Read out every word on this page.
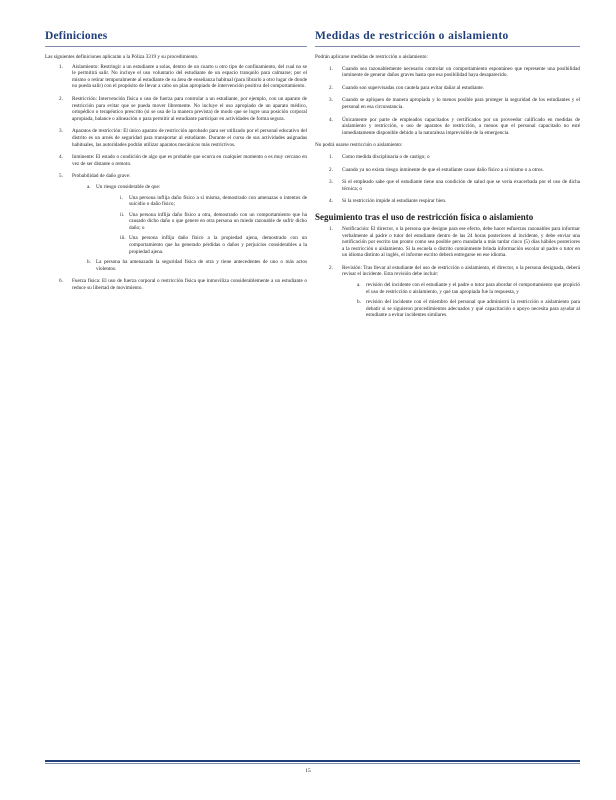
Definiciones

Las siguientes definiciones aplicarán a la Póliza 3319 y su procedimiento.

1. Aislamiento: Restringir a un estudiante a solas, dentro de un cuarto u otro tipo de confinamiento, del cual no se le permitirá salir. No incluye el uso voluntario del estudiante de un espacio tranquilo para calmarse; por el mismo o retirar temporalmente al estudiante de su área de enseñanza habitual (para librarlo a otro lugar de donde no pueda salir) con el propósito de llevar a cabo un plan apropiado de intervención positiva del comportamiento.
2. Restricción: Intervención física o uso de fuerza para controlar a un estudiante, por ejemplo, con un aparato de restricción para evitar que se pueda mover libremente. No incluye el uso apropiado de un aparato médico, ortopédico o terapéutico prescrito (si se usa de la manera prevista) de modo que se logre una posición corporal apropiada, balance o alineación o para permitir al estudiante participar en actividades de forma segura.
3. Aparatos de restricción: El único aparato de restricción aprobado para ser utilizado por el personal educativo del distrito es un arnés de seguridad para transportar al estudiante. Durante el curso de sus actividades asignadas habituales, las autoridades podrán utilizar aparatos mecánicos más restrictivos.
4. Inminente: El estado o condición de algo que es probable que ocurra en cualquier momento o es muy cercano en vez de ser distante o remoto.
5. Probabilidad de daño grave:
a. Un riesgo considerable de que:
i. Una persona inflija daño físico a sí misma, demostrado con amenazas o intentos de suicidio o daño físico;
ii. Una persona inflija daño físico a otra, demostrado con un comportamiento que ha causado dicho daño o que genere en otra persona un miedo razonable de sufrir dicho daño; o
iii. Una persona inflija daño físico a la propiedad ajena, demostrado con un comportamiento que ha generado pérdidas o daños y perjuicios considerables a la propiedad ajena.
b. La persona ha amenazado la seguridad física de otra y tiene antecedentes de uno o más actos violentos.
6. Fuerza física: El uso de fuerza corporal o restricción física que inmoviliza considerablemente a un estudiante o reduce su libertad de movimiento.
Medidas de restricción o aislamiento
Podrán aplicarse medidas de restricción o aislamiento:
1. Cuando sea razonablemente necesario controlar un comportamiento espontáneo que represente una posibilidad inminente de generar daños graves hasta que esa posibilidad haya desaparecido.
2. Cuando son supervisadas con cautela para evitar dañar al estudiante.
3. Cuando se apliquen de manera apropiada y lo menos posible para proteger la seguridad de los estudiantes y el personal en esa circunstancia.
4. Únicamente por parte de empleados capacitados y certificados por un proveedor calificado en medidas de aislamiento y restricción, o uso de aparatos de restricción, a menos que el personal capacitado no esté inmediatamente disponible debido a la naturaleza imprevisible de la emergencia.
No podrá usarse restricción o aislamiento:
1. Como medida disciplinaria o de castigo; o
2. Cuando ya no exista riesgo inminente de que el estudiante cause daño físico a sí mismo o a otros.
3. Si el empleado sabe que el estudiante tiene una condición de salud que se vería exacerbada por el uso de dicha técnica; o
4. Si la restricción impide al estudiante respirar bien.
Seguimiento tras el uso de restricción física o aislamiento
1. Notificación: El director, o la persona que designe para ese efecto, debe hacer esfuerzos razonables para informar verbalmente al padre o tutor del estudiante dentro de las 24 horas posteriores al incidente, y debe enviar una notificación por escrito tan pronto como sea posible pero mandarla a más tardar cinco (5) días hábiles posteriores a la restricción o aislamiento. Si la escuela o distrito comúnmente brinda información escolar al padre o tutor en un idioma distinto al inglés, el informe escrito deberá entregarse en ese idioma.
2. Revisión: Tras llevar al estudiante del uso de restricción o aislamiento, el director, o la persona designada, deberá revisar el incidente. Esta revisión debe incluir:
a. revisión del incidente con el estudiante y el padre o tutor para abordar el comportamiento que propició el uso de restricción o aislamiento, y qué tan apropiada fue la respuesta, y
b. revisión del incidente con el miembro del personal que administró la restricción o aislamiento para debatir si se siguieron procedimientos adecuados y qué capacitación o apoyo necesita para ayudar al estudiante a evitar incidentes similares.
15
